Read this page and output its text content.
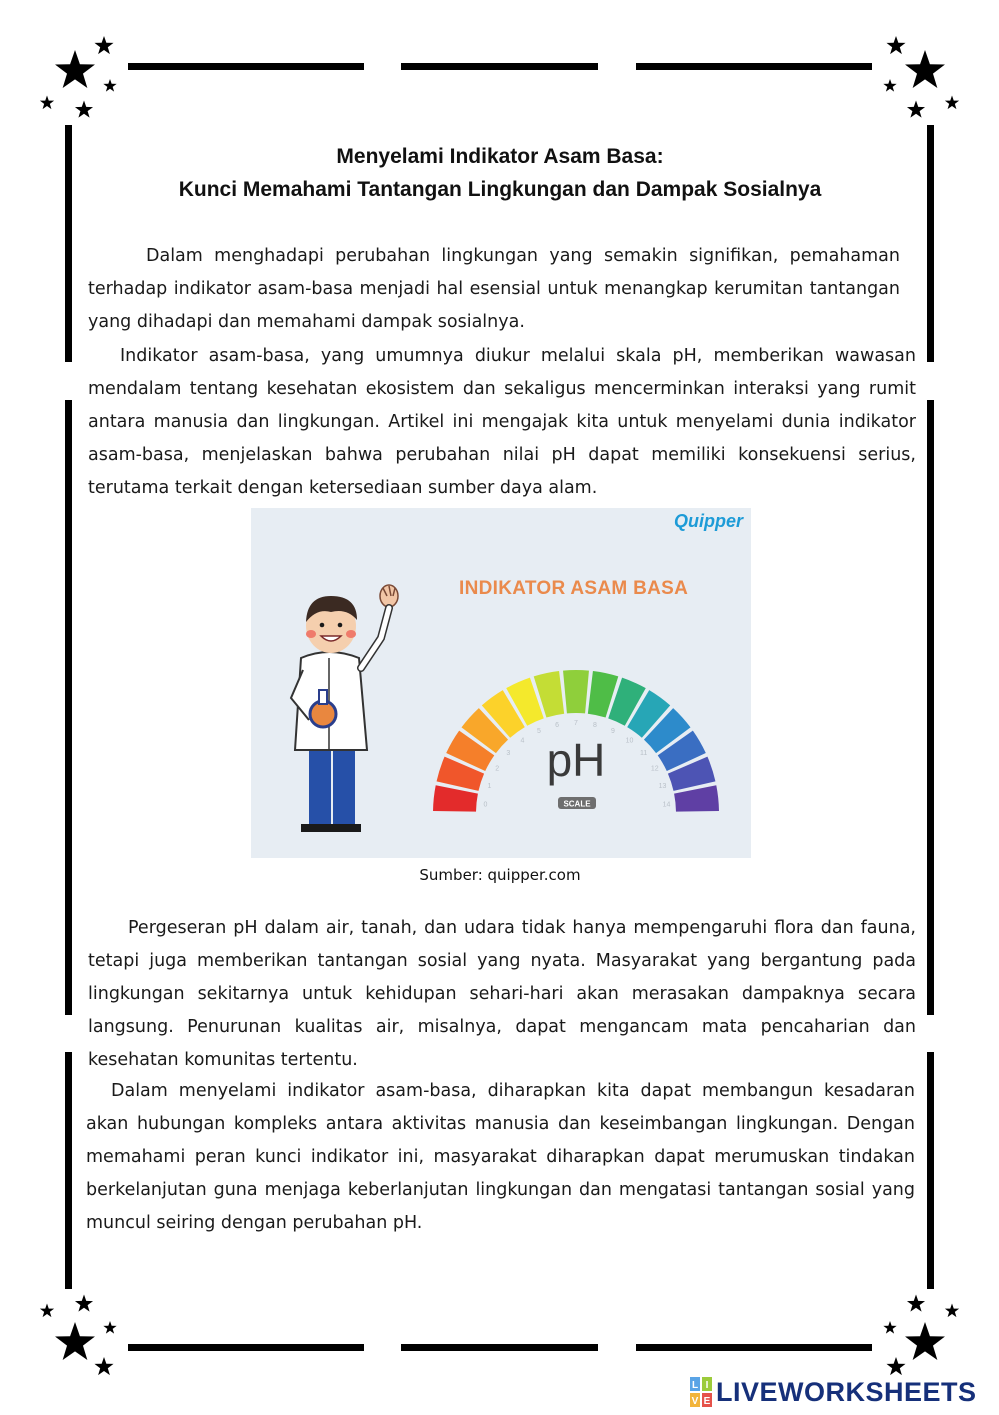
Menyelami Indikator Asam Basa:
Kunci Memahami Tantangan Lingkungan dan Dampak Sosialnya

Dalam menghadapi perubahan lingkungan yang semakin signifikan, pemahaman terhadap indikator asam-basa menjadi hal esensial untuk menangkap kerumitan tantangan yang dihadapi dan memahami dampak sosialnya.

Indikator asam-basa, yang umumnya diukur melalui skala pH, memberikan wawasan mendalam tentang kesehatan ekosistem dan sekaligus mencerminkan interaksi yang rumit antara manusia dan lingkungan. Artikel ini mengajak kita untuk menyelami dunia indikator asam-basa, menjelaskan bahwa perubahan nilai pH dapat memiliki konsekuensi serius, terutama terkait dengan ketersediaan sumber daya alam.

Quipper
INDIKATOR ASAM BASA
0
1
2
3
4
5
6 7 8
9
10
11
12
13
14
pH
SCALE
Sumber: quipper.com

Pergeseran pH dalam air, tanah, dan udara tidak hanya mempengaruhi flora dan fauna, tetapi juga memberikan tantangan sosial yang nyata. Masyarakat yang bergantung pada lingkungan sekitarnya untuk kehidupan sehari-hari akan merasakan dampaknya secara langsung. Penurunan kualitas air, misalnya, dapat mengancam mata pencaharian dan kesehatan komunitas tertentu.

Dalam menyelami indikator asam-basa, diharapkan kita dapat membangun kesadaran akan hubungan kompleks antara aktivitas manusia dan keseimbangan lingkungan. Dengan memahami peran kunci indikator ini, masyarakat diharapkan dapat merumuskan tindakan berkelanjutan guna menjaga keberlanjutan lingkungan dan mengatasi tantangan sosial yang muncul seiring dengan perubahan pH.

L I
V E LIVEWORKSHEETS
